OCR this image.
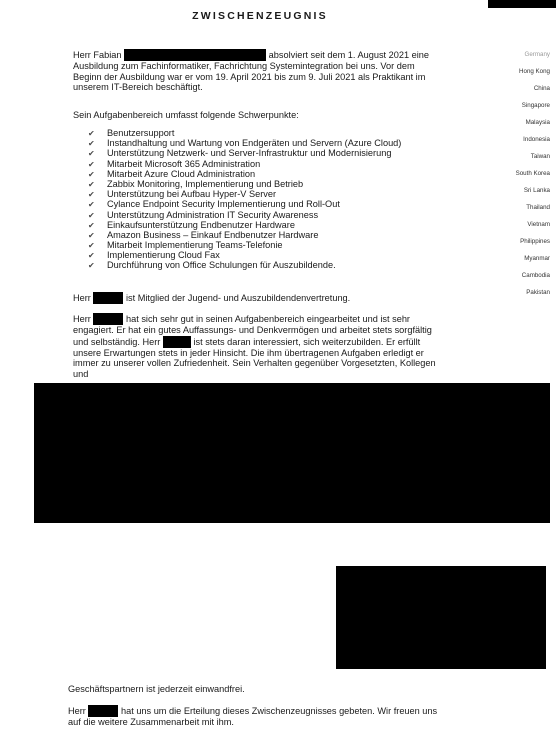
ZWISCHENZEUGNIS
Herr Fabian	absolviert seit dem 1. August 2021 eine Ausbildung zum Fachinformatiker, Fachrichtung Systemintegration bei uns. Vor dem Beginn der Ausbildung war er vom 19. April 2021 bis zum 9. Juli 2021 als Praktikant im unserem IT-Bereich beschäftigt.
Sein Aufgabenbereich umfasst folgende Schwerpunkte:
✔ Benutzersupport
✔ Instandhaltung und Wartung von Endgeräten und Servern (Azure Cloud)
✔ Unterstützung Netzwerk- und Server-Infrastruktur und Modernisierung
✔ Mitarbeit Microsoft 365 Administration
✔ Mitarbeit Azure Cloud Administration
✔ Zabbix Monitoring, Implementierung und Betrieb
✔ Unterstützung bei Aufbau Hyper-V Server
✔ Cylance Endpoint Security Implementierung und Roll-Out
✔ Unterstützung Administration IT Security Awareness
✔ Einkaufsunterstützung Endbenutzer Hardware
✔ Amazon Business – Einkauf Endbenutzer Hardware
✔ Mitarbeit Implementierung Teams-Telefonie
✔ Implementierung Cloud Fax
✔ Durchführung von Office Schulungen für Auszubildende.
Herr	ist Mitglied der Jugend- und Auszubildendenvertretung.
Herr	hat sich sehr gut in seinen Aufgabenbereich eingearbeitet und ist sehr engagiert. Er hat ein gutes Auffassungs- und Denkvermögen und arbeitet stets sorgfältig und selbständig. Herr	ist stets daran interessiert, sich weiterzubilden. Er erfüllt unsere Erwartungen stets in jeder Hinsicht. Die ihm übertragenen Aufgaben erledigt er immer zu unserer vollen Zufriedenheit. Sein Verhalten gegenüber Vorgesetzten, Kollegen und
Geschäftspartnern ist jederzeit einwandfrei.
Herr	hat uns um die Erteilung dieses Zwischenzeugnisses gebeten. Wir freuen uns auf die weitere Zusammenarbeit mit ihm.
Germany
Hong Kong
China
Singapore
Malaysia
Indonesia
Taiwan
South Korea
Sri Lanka
Thailand
Vietnam
Philippines
Myanmar
Cambodia
Pakistan
